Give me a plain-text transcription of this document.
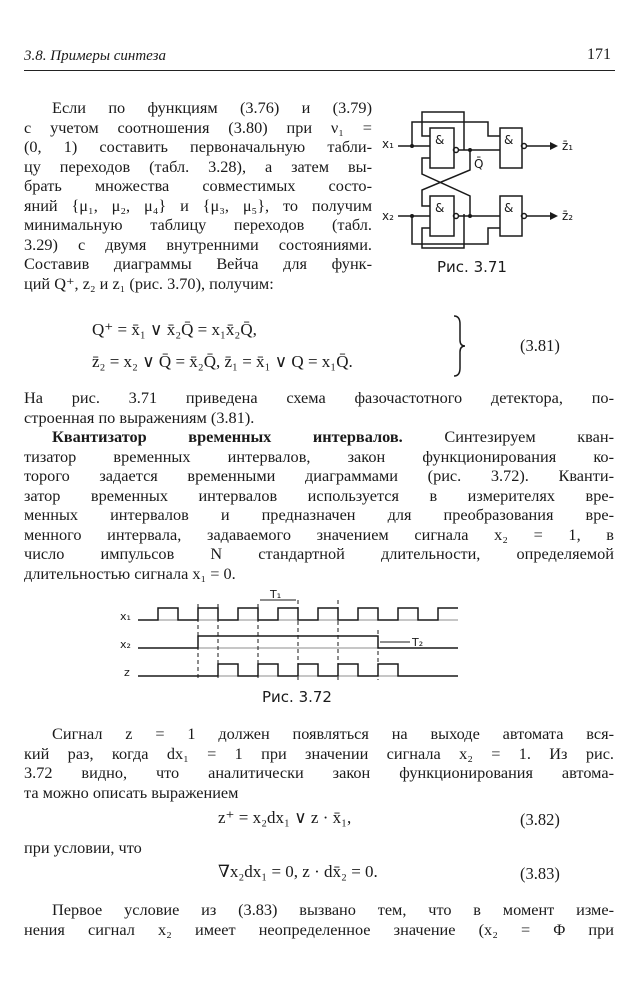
3.8. Примеры синтеза	171
Если по функциям (3.76) и (3.79)
с учетом соотношения (3.80) при ν₁ =
(0, 1) составить первоначальную табли-
цу переходов (табл. 3.28), а затем вы-
брать множества совместимых состо-
яний {μ₁, μ₂, μ₄} и {μ₃, μ₅}, то получим
минимальную таблицу переходов (табл.
3.29) с двумя внутренними состояниями.
Составив диаграммы Вейча для функ-
ций Q⁺, z₂ и z₁ (рис. 3.70), получим:
x₁
x₂
&	&
&	&
Q̄
z̄₁
z̄₂
Рис. 3.71
Q⁺ = x̄₁ ∨ x̄₂Q̄ = x₁x̄₂Q̄,
z̄₂ = x₂ ∨ Q̄ = x̄₂Q̄, z̄₁ = x̄₁ ∨ Q = x₁Q̄.
(3.81)
На рис. 3.71 приведена схема фазочастотного детектора, по-
строенная по выражениям (3.81).
Квантизатор временных интервалов.	Синтезируем кван-
тизатор временных интервалов, закон функционирования ко-
торого задается временными диаграммами (рис. 3.72). Кванти-
затор временных интервалов используется в измерителях вре-
менных интервалов и предназначен для преобразования вре-
менного интервала, задаваемого значением сигнала x₂ = 1, в
число импульсов N стандартной длительности, определяемой
длительностью сигнала x₁ = 0.
x₁
x₂
z
T₁
T₂
Рис. 3.72
Сигнал z = 1 должен появляться на выходе автомата вся-
кий раз, когда dx₁ = 1 при значении сигнала x₂ = 1. Из рис.
3.72 видно, что аналитически закон функционирования автома-
та можно описать выражением
z⁺ = x₂dx₁ ∨ z · x̄₁,	(3.82)
при условии, что
∇x₂dx₁ = 0, z · dx̄₂ = 0.	(3.83)
Первое условие из (3.83) вызвано тем, что в момент изме-
нения сигнал x₂ имеет неопределенное значение (x₂ = Φ при
